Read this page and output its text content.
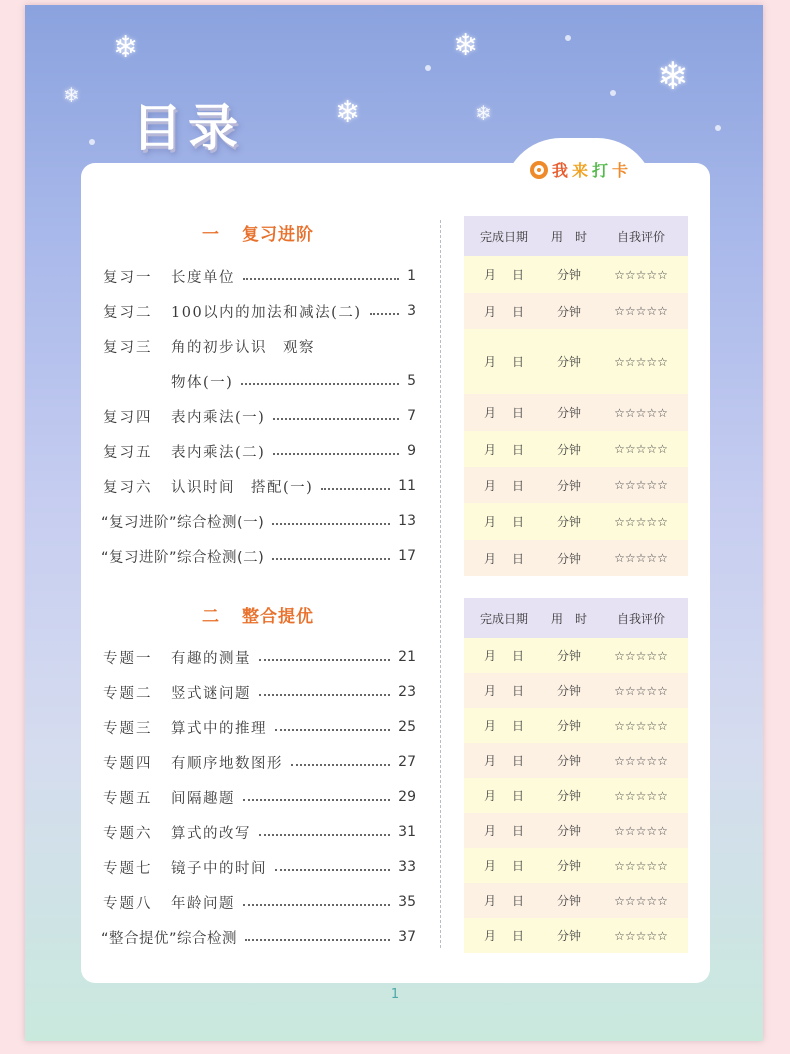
❄
❄	❄
❄
❄
❄
目录
我 来 打 卡
一 复习进阶
二 整合提优
复习一	长度单位	1
复习二	100以内的加法和减法(二)	3
复习三	角的初步认识　观察
物体(一)	5
复习四	表内乘法(一)	7
复习五	表内乘法(二)	9
复习六	认识时间　搭配(一)	11
“复习进阶”综合检测(一)	13
“复习进阶”综合检测(二)	17
专题一	有趣的测量	21
专题二	竖式谜问题	23
专题三	算式中的推理	25
专题四	有顺序地数图形	27
专题五	间隔趣题	29
专题六	算式的改写	31
专题七	镜子中的时间	33
专题八	年龄问题	35
“整合提优”综合检测	37
完成日期	用　时	自我评价
月 日	分钟	☆☆☆☆☆
月 日	分钟	☆☆☆☆☆
月 日	分钟	☆☆☆☆☆
月 日	分钟	☆☆☆☆☆
月 日	分钟	☆☆☆☆☆
月 日	分钟	☆☆☆☆☆
月 日	分钟	☆☆☆☆☆
月 日	分钟	☆☆☆☆☆
完成日期	用　时	自我评价
月 日	分钟	☆☆☆☆☆
月 日	分钟	☆☆☆☆☆
月 日	分钟	☆☆☆☆☆
月 日	分钟	☆☆☆☆☆
月 日	分钟	☆☆☆☆☆
月 日	分钟	☆☆☆☆☆
月 日	分钟	☆☆☆☆☆
月 日	分钟	☆☆☆☆☆
月 日	分钟	☆☆☆☆☆
1
